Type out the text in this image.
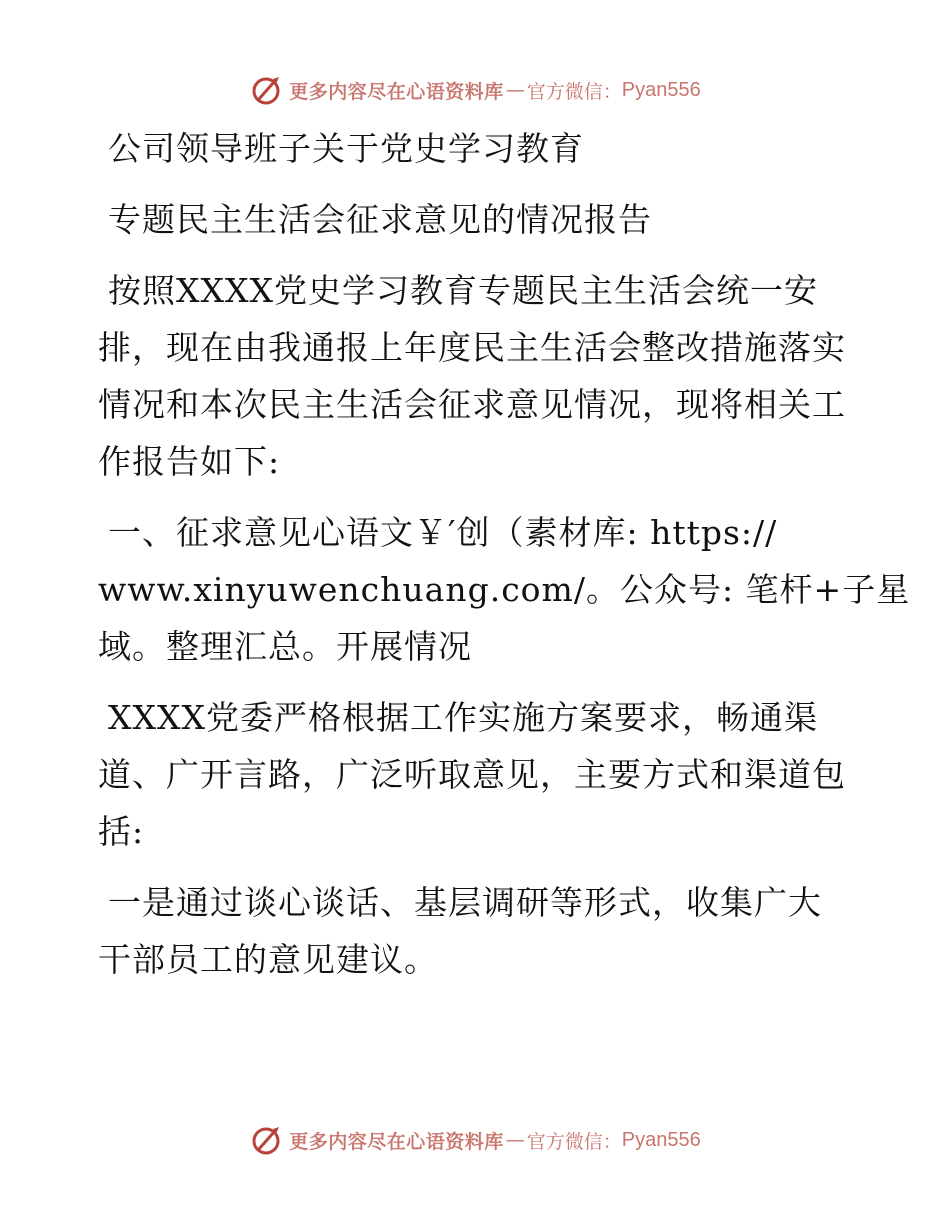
更多内容尽在心语资料库 — 官方微信： Pyan556
公司领导班子关于党史学习教育
专题民主生活会征求意见的情况报告
按照XXXX党史学习教育专题民主生活会统一安
排，现在由我通报上年度民主生活会整改措施落实
情况和本次民主生活会征求意见情况，现将相关工
作报告如下:
一、征求意见心语文￥′创（素材库: https://
www.xinyuwenchuang.com/。公众号: 笔杆+子星
域。整理汇总。开展情况
XXXX党委严格根据工作实施方案要求，畅通渠
道、广开言路，广泛听取意见，主要方式和渠道包
括:
一是通过谈心谈话、基层调研等形式，收集广大
干部员工的意见建议。
更多内容尽在心语资料库 — 官方微信： Pyan556
